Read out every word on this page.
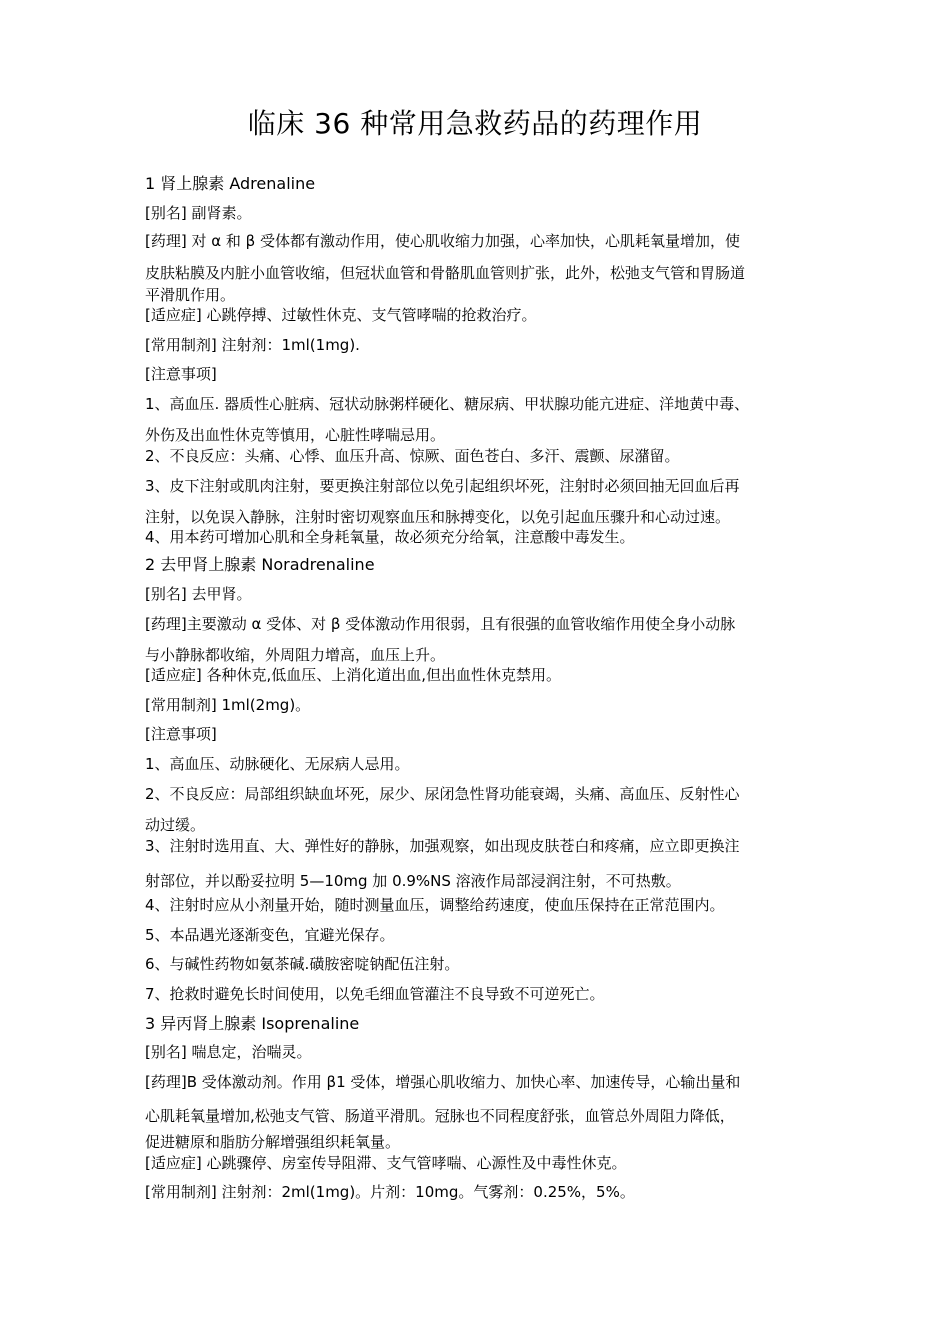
临床 36 种常用急救药品的药理作用
1 肾上腺素 Adrenaline
[别名] 副肾素。
[药理] 对 α 和 β 受体都有激动作用，使心肌收缩力加强，心率加快，心肌耗氧量增加，使
皮肤粘膜及内脏小血管收缩，但冠状血管和骨骼肌血管则扩张，此外，松弛支气管和胃肠道
平滑肌作用。
[适应症] 心跳停搏、过敏性休克、支气管哮喘的抢救治疗。
[常用制剂] 注射剂：1ml(1mg).
[注意事项]
1、高血压. 器质性心脏病、冠状动脉粥样硬化、糖尿病、甲状腺功能亢进症、洋地黄中毒、
外伤及出血性休克等慎用，心脏性哮喘忌用。
2、不良反应：头痛、心悸、血压升高、惊厥、面色苍白、多汗、震颤、尿潴留。
3、皮下注射或肌肉注射，要更换注射部位以免引起组织坏死，注射时必须回抽无回血后再
注射，以免误入静脉，注射时密切观察血压和脉搏变化，以免引起血压骤升和心动过速。
4、用本药可增加心肌和全身耗氧量，故必须充分给氧，注意酸中毒发生。
2 去甲肾上腺素 Noradrenaline
[别名] 去甲肾。
[药理]主要激动 α 受体、对 β 受体激动作用很弱，且有很强的血管收缩作用使全身小动脉
与小静脉都收缩，外周阻力增高，血压上升。
[适应症] 各种休克,低血压、上消化道出血,但出血性休克禁用。
[常用制剂] 1ml(2mg)。
[注意事项]
1、高血压、动脉硬化、无尿病人忌用。
2、不良反应：局部组织缺血坏死，尿少、尿闭急性肾功能衰竭，头痛、高血压、反射性心
动过缓。
3、注射时选用直、大、弹性好的静脉，加强观察，如出现皮肤苍白和疼痛，应立即更换注
射部位，并以酚妥拉明 5—10mg 加 0.9%NS 溶液作局部浸润注射，不可热敷。
4、注射时应从小剂量开始，随时测量血压，调整给药速度，使血压保持在正常范围内。
5、本品遇光逐渐变色，宜避光保存。
6、与碱性药物如氨茶碱.磺胺密啶钠配伍注射。
7、抢救时避免长时间使用，以免毛细血管灌注不良导致不可逆死亡。
3 异丙肾上腺素 Isoprenaline
[别名] 喘息定，治喘灵。
[药理]Β 受体激动剂。作用 β1 受体，增强心肌收缩力、加快心率、加速传导，心输出量和
心肌耗氧量增加,松弛支气管、肠道平滑肌。冠脉也不同程度舒张，血管总外周阻力降低，
促进糖原和脂肪分解增强组织耗氧量。
[适应症] 心跳骤停、房室传导阻滞、支气管哮喘、心源性及中毒性休克。
[常用制剂] 注射剂：2ml(1mg)。片剂：10mg。气雾剂：0.25%，5%。
